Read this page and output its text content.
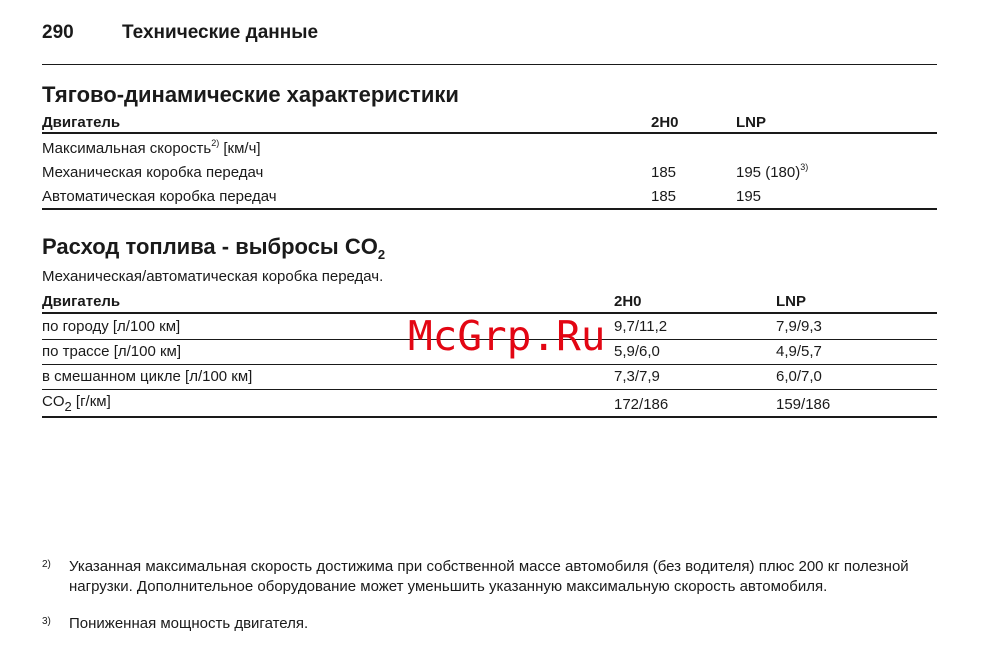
290	Технические данные
Тягово-динамические характеристики
Двигатель	2H0	LNP
Максимальная скорость$^{2)}$ [км/ч]
Механическая коробка передач	185	195 $(180)^{3)}$
Автоматическая коробка передач	185	195
Расход топлива - выбросы $CO_2$
Механическая/автоматическая коробка передач.
Двигатель	2H0	LNP
по городу [л/100 км]	9,7/11,2	7,9/9,3
по трассе [л/100 км]	5,9/6,0	4,9/5,7
в смешанном цикле [л/100 км]	7,3/7,9	6,0/7,0
$CO_2$ [г/км]	172/186	159/186
McGrp.Ru
2) Указанная максимальная скорость достижима при собственной массе автомобиля (без водителя) плюс 200 кг полезной нагрузки. Дополнительное оборудование может уменьшить указанную максимальную скорость автомобиля.
3) Пониженная мощность двигателя.
